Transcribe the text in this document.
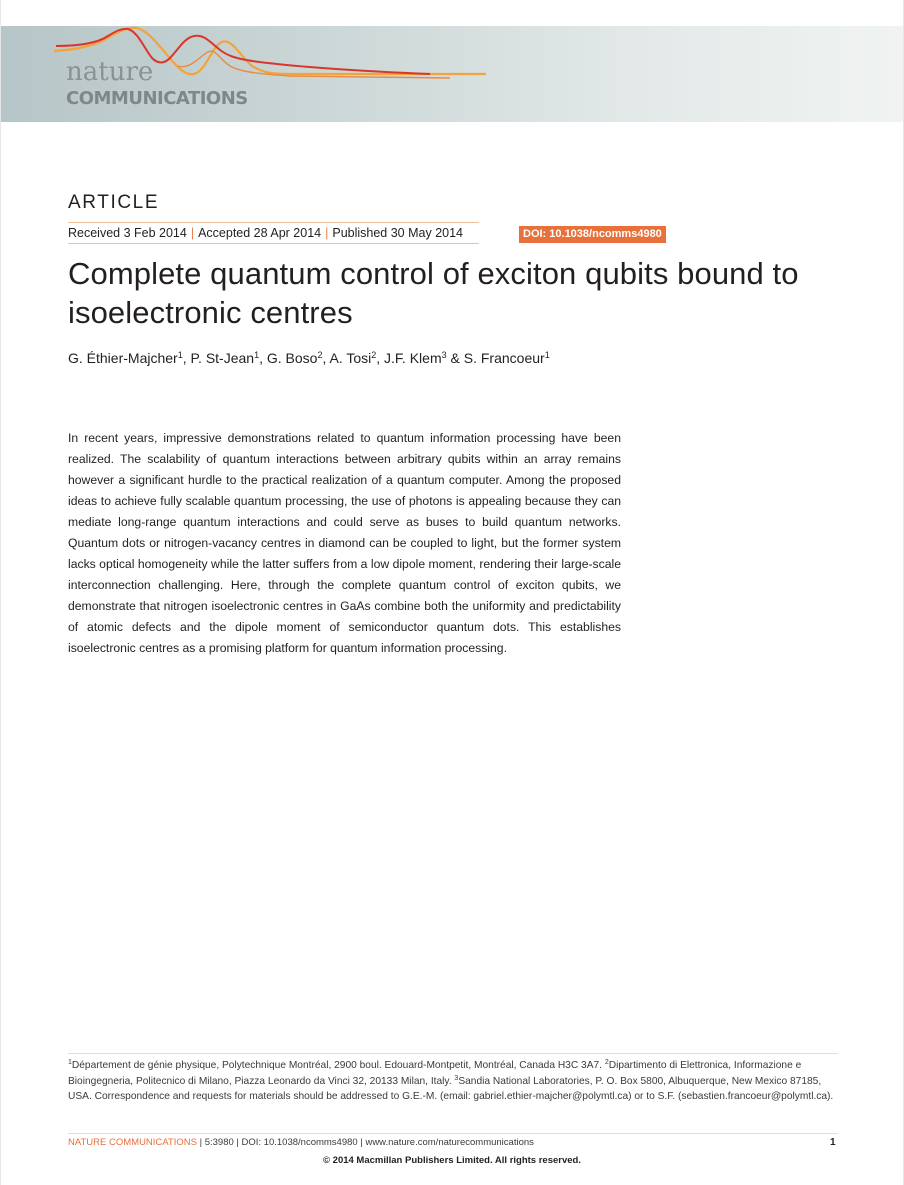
nature
COMMUNICATIONS
ARTICLE
Received 3 Feb 2014 | Accepted 28 Apr 2014 | Published 30 May 2014	DOI: 10.1038/ncomms4980
Complete quantum control of exciton qubits bound to isoelectronic centres
G. Éthier-Majcher$^1$, P. St-Jean$^1$, G. Boso$^2$, A. Tosi$^2$, J.F. Klem$^3$ & S. Francoeur$^1$

In recent years, impressive demonstrations related to quantum information processing have been realized. The scalability of quantum interactions between arbitrary qubits within an array remains however a significant hurdle to the practical realization of a quantum computer. Among the proposed ideas to achieve fully scalable quantum processing, the use of photons is appealing because they can mediate long-range quantum interactions and could serve as buses to build quantum networks. Quantum dots or nitrogen-vacancy centres in diamond can be coupled to light, but the former system lacks optical homogeneity while the latter suffers from a low dipole moment, rendering their large-scale interconnection challenging. Here, through the complete quantum control of exciton qubits, we demonstrate that nitrogen isoelectronic centres in GaAs combine both the uniformity and predictability of atomic defects and the dipole moment of semiconductor quantum dots. This establishes isoelectronic centres as a promising platform for quantum information processing.

$^1$Département de génie physique, Polytechnique Montréal, 2900 boul. Edouard-Montpetit, Montréal, Canada H3C 3A7. $^2$Dipartimento di Elettronica, Informazione e Bioingegneria, Politecnico di Milano, Piazza Leonardo da Vinci 32, 20133 Milan, Italy. $^3$Sandia National Laboratories, P. O. Box 5800, Albuquerque, New Mexico 87185, USA. Correspondence and requests for materials should be addressed to G.E.-M. (email: gabriel.ethier-majcher@polymtl.ca) or to S.F. (sebastien.francoeur@polymtl.ca).

NATURE COMMUNICATIONS | 5:3980 | DOI: 10.1038/ncomms4980 | www.nature.com/naturecommunications	1
© 2014 Macmillan Publishers Limited. All rights reserved.
